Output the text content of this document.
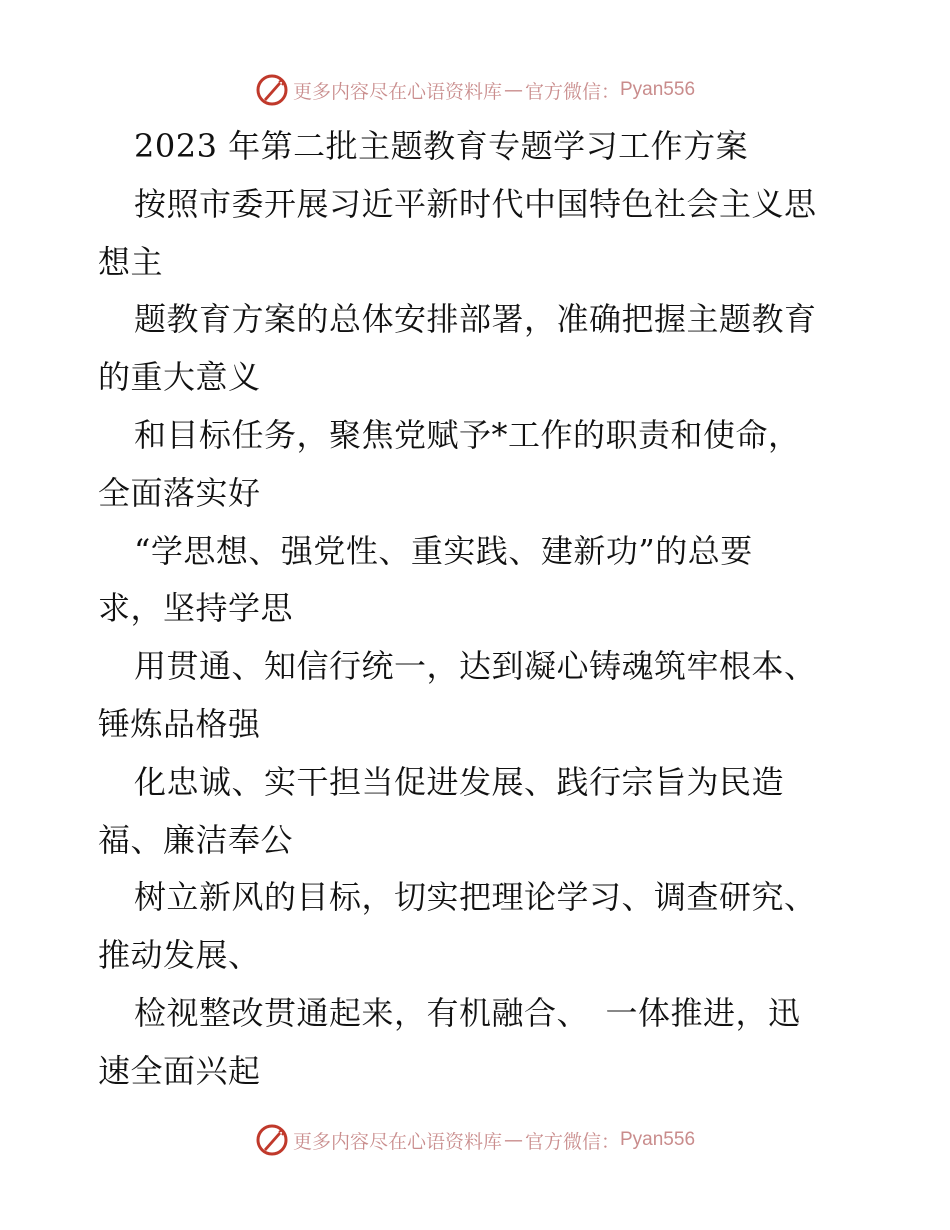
更多内容尽在心语资料库 — 官方微信： Pyan556
2023 年第二批主题教育专题学习工作方案
按照市委开展习近平新时代中国特色社会主义思
想主
题教育方案的总体安排部署，准确把握主题教育
的重大意义
和目标任务，聚焦党赋予*工作的职责和使命，
全面落实好
“学思想、强党性、重实践、建新功”的总要
求，坚持学思
用贯通、知信行统一，达到凝心铸魂筑牢根本、
锤炼品格强
化忠诚、实干担当促进发展、践行宗旨为民造
福、廉洁奉公
树立新风的目标，切实把理论学习、调查研究、
推动发展、
检视整改贯通起来，有机融合、　一体推进，迅
速全面兴起
更多内容尽在心语资料库 — 官方微信： Pyan556
